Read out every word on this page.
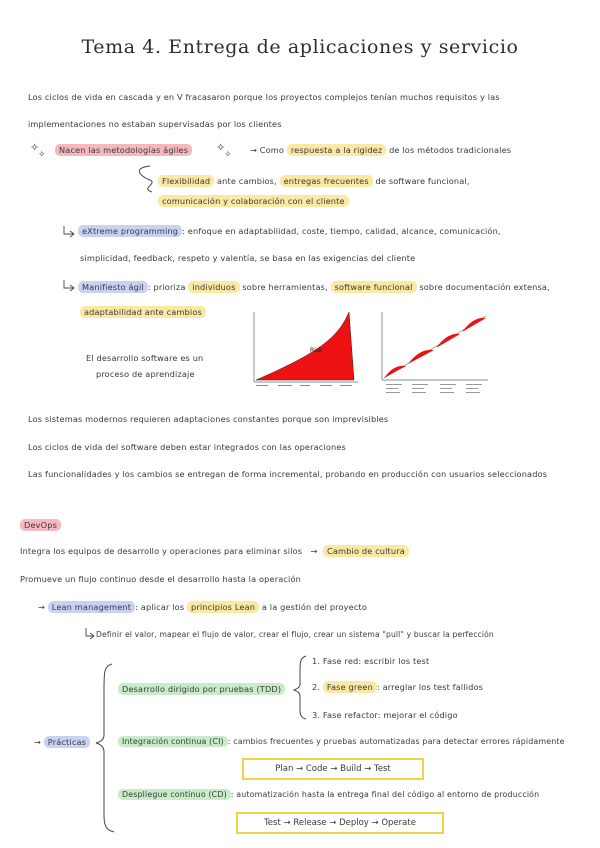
Tema 4. Entrega de aplicaciones y servicio
Los ciclos de vida en cascada y en V fracasaron porque los proyectos complejos tenían muchos requisitos y las
implementaciones no estaban supervisadas por los clientes
✧
✧	Nacen las metodologías ágiles	✧
✧ → Como respuesta a la rigidez de los métodos tradicionales
Flexibilidad ante cambios, entregas frecuentes de software funcional,
comunicación y colaboración con el cliente
eXtreme programming : enfoque en adaptabilidad, coste, tiempo, calidad, alcance, comunicación,
simplicidad, feedback, respeto y valentía, se basa en las exigencias del cliente
Manifiesto ágil : prioriza individuos sobre herramientas, software funcional sobre documentación extensa,
adaptabilidad ante cambios
El desarrollo software es un
proceso de aprendizaje
Risk
Los sistemas modernos requieren adaptaciones constantes porque son imprevisibles
Los ciclos de vida del software deben estar integrados con las operaciones
Las funcionalidades y los cambios se entregan de forma incremental, probando en producción con usuarios seleccionados
DevOps
Integra los equipos de desarrollo y operaciones para eliminar silos   →  Cambio de cultura
Promueve un flujo continuo desde el desarrollo hasta la operación
→ Lean management : aplicar los principios Lean a la gestión del proyecto
Definir el valor, mapear el flujo de valor, crear el flujo, crear un sistema "pull" y buscar la perfección
→ Prácticas
Desarrollo dirigido por pruebas (TDD)
1. Fase red: escribir los test
2. Fase green : arreglar los test fallidos
3. Fase refactor: mejorar el código
Integración continua (CI) : cambios frecuentes y pruebas automatizadas para detectar errores rápidamente
Plan → Code → Build → Test
Despliegue continuo (CD) : automatización hasta la entrega final del código al entorno de producción
Test → Release → Deploy → Operate
